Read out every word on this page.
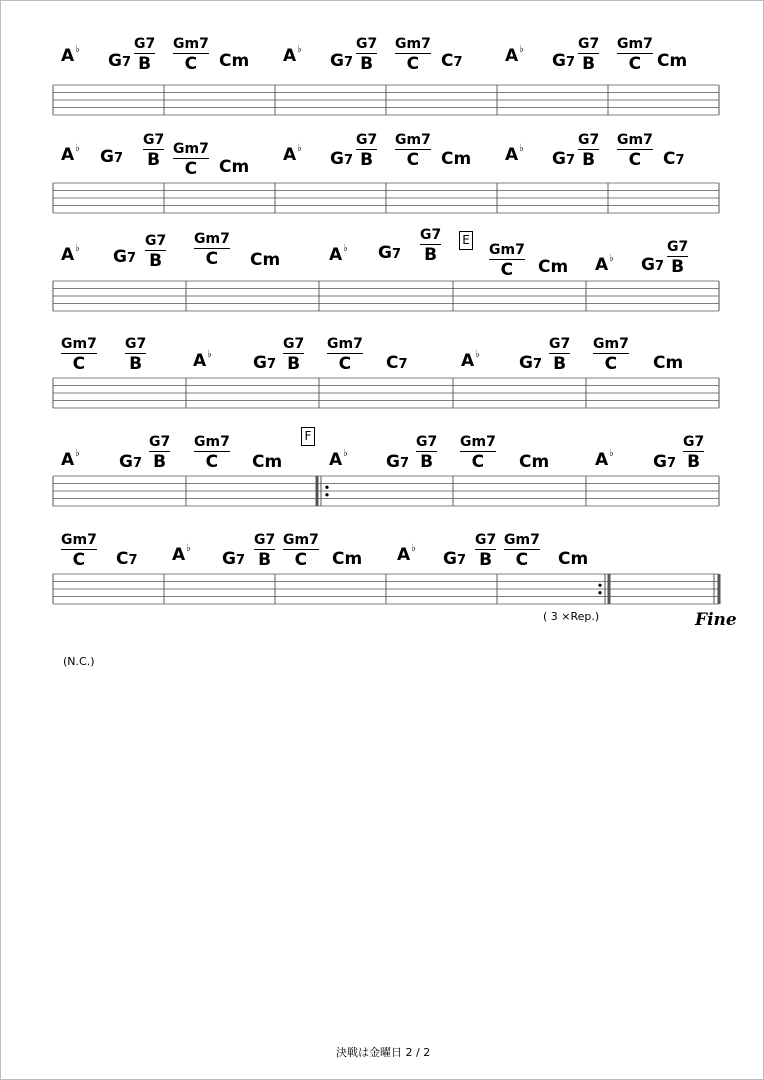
A♭
G7
G7
B
Gm7
C Cm A♭
G7
G7
B
Gm7
C C7 A♭
G7
G7
B
Gm7
C Cm
A♭ G7
G7
B
Gm7
C Cm
A♭
G7
G7
B
Gm7
C Cm A♭
G7
G7
B
Gm7
C C7
E
A♭ G7
G7
B
Gm7
C Cm	A♭ G7
G7
B	Gm7
C Cm A♭ G7
G7
B
Gm7
C
G7
B	A♭ G7
G7
B
Gm7
C C7	A♭ G7
G7
B
Gm7
C Cm
F
A♭ G7
G7
B
Gm7
C Cm	A♭ G7
G7
B
Gm7
C Cm	A♭ G7
G7
B
Gm7
C C7 A♭
G7
G7
B
Gm7
C Cm A♭
G7
G7
B
Gm7
C Cm
( 3 ×Rep.)	Fine
(N.C.)
決戦は金曜日 2 / 2
